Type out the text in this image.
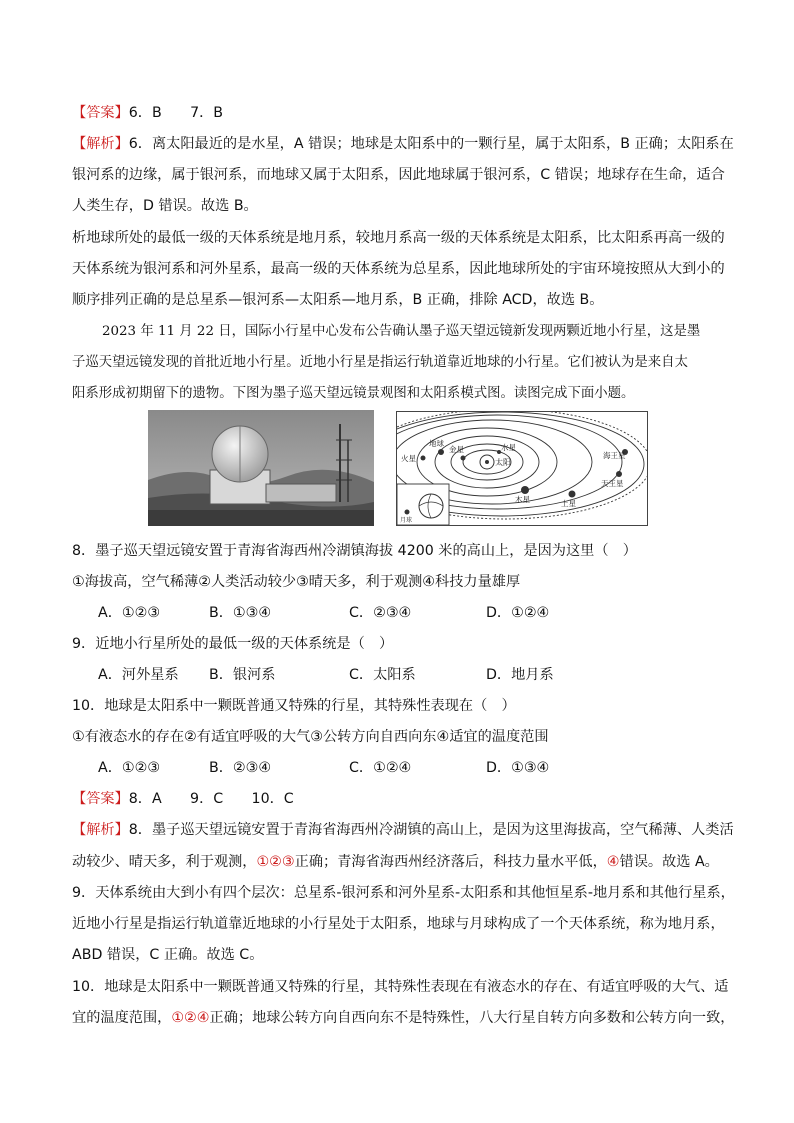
【答案】6．B　　7．B
【解析】6．离太阳最近的是水星，A 错误；地球是太阳系中的一颗行星，属于太阳系，B 正确；太阳系在
银河系的边缘，属于银河系，而地球又属于太阳系，因此地球属于银河系，C 错误；地球存在生命，适合
人类生存，D 错误。故选 B。
析地球所处的最低一级的天体系统是地月系，较地月系高一级的天体系统是太阳系，比太阳系再高一级的
天体系统为银河系和河外星系，最高一级的天体系统为总星系，因此地球所处的宇宙环境按照从大到小的
顺序排列正确的是总星系—银河系—太阳系—地月系，B 正确，排除 ACD，故选 B。
2023 年 11 月 22 日，国际小行星中心发布公告确认墨子巡天望远镜新发现两颗近地小行星，这是墨
子巡天望远镜发现的首批近地小行星。近地小行星是指运行轨道靠近地球的小行星。它们被认为是来自太
阳系形成初期留下的遗物。下图为墨子巡天望远镜景观图和太阳系模式图。读图完成下面小题。
太阳
水星
金星
地球
火星
木星	土星
天王星
海王星
月球
8．墨子巡天望远镜安置于青海省海西州冷湖镇海拔 4200 米的高山上，是因为这里（　）
①海拔高，空气稀薄②人类活动较少③晴天多，利于观测④科技力量雄厚
A．①②③	B．①③④	C．②③④	D．①②④
9．近地小行星所处的最低一级的天体系统是（　）
A．河外星系 B．银河系	C．太阳系	D．地月系
10．地球是太阳系中一颗既普通又特殊的行星，其特殊性表现在（　）
①有液态水的存在②有适宜呼吸的大气③公转方向自西向东④适宜的温度范围
A．①②③	B．②③④	C．①②④	D．①③④
【答案】8．A　　9．C　　10．C
【解析】8．墨子巡天望远镜安置于青海省海西州冷湖镇的高山上，是因为这里海拔高，空气稀薄、人类活
动较少、晴天多，利于观测，①②③正确；青海省海西州经济落后，科技力量水平低，④错误。故选 A。
9．天体系统由大到小有四个层次：总星系-银河系和河外星系-太阳系和其他恒星系-地月系和其他行星系，
近地小行星是指运行轨道靠近地球的小行星处于太阳系，地球与月球构成了一个天体系统，称为地月系，
ABD 错误，C 正确。故选 C。
10．地球是太阳系中一颗既普通又特殊的行星，其特殊性表现在有液态水的存在、有适宜呼吸的大气、适
宜的温度范围，①②④正确；地球公转方向自西向东不是特殊性，八大行星自转方向多数和公转方向一致，
